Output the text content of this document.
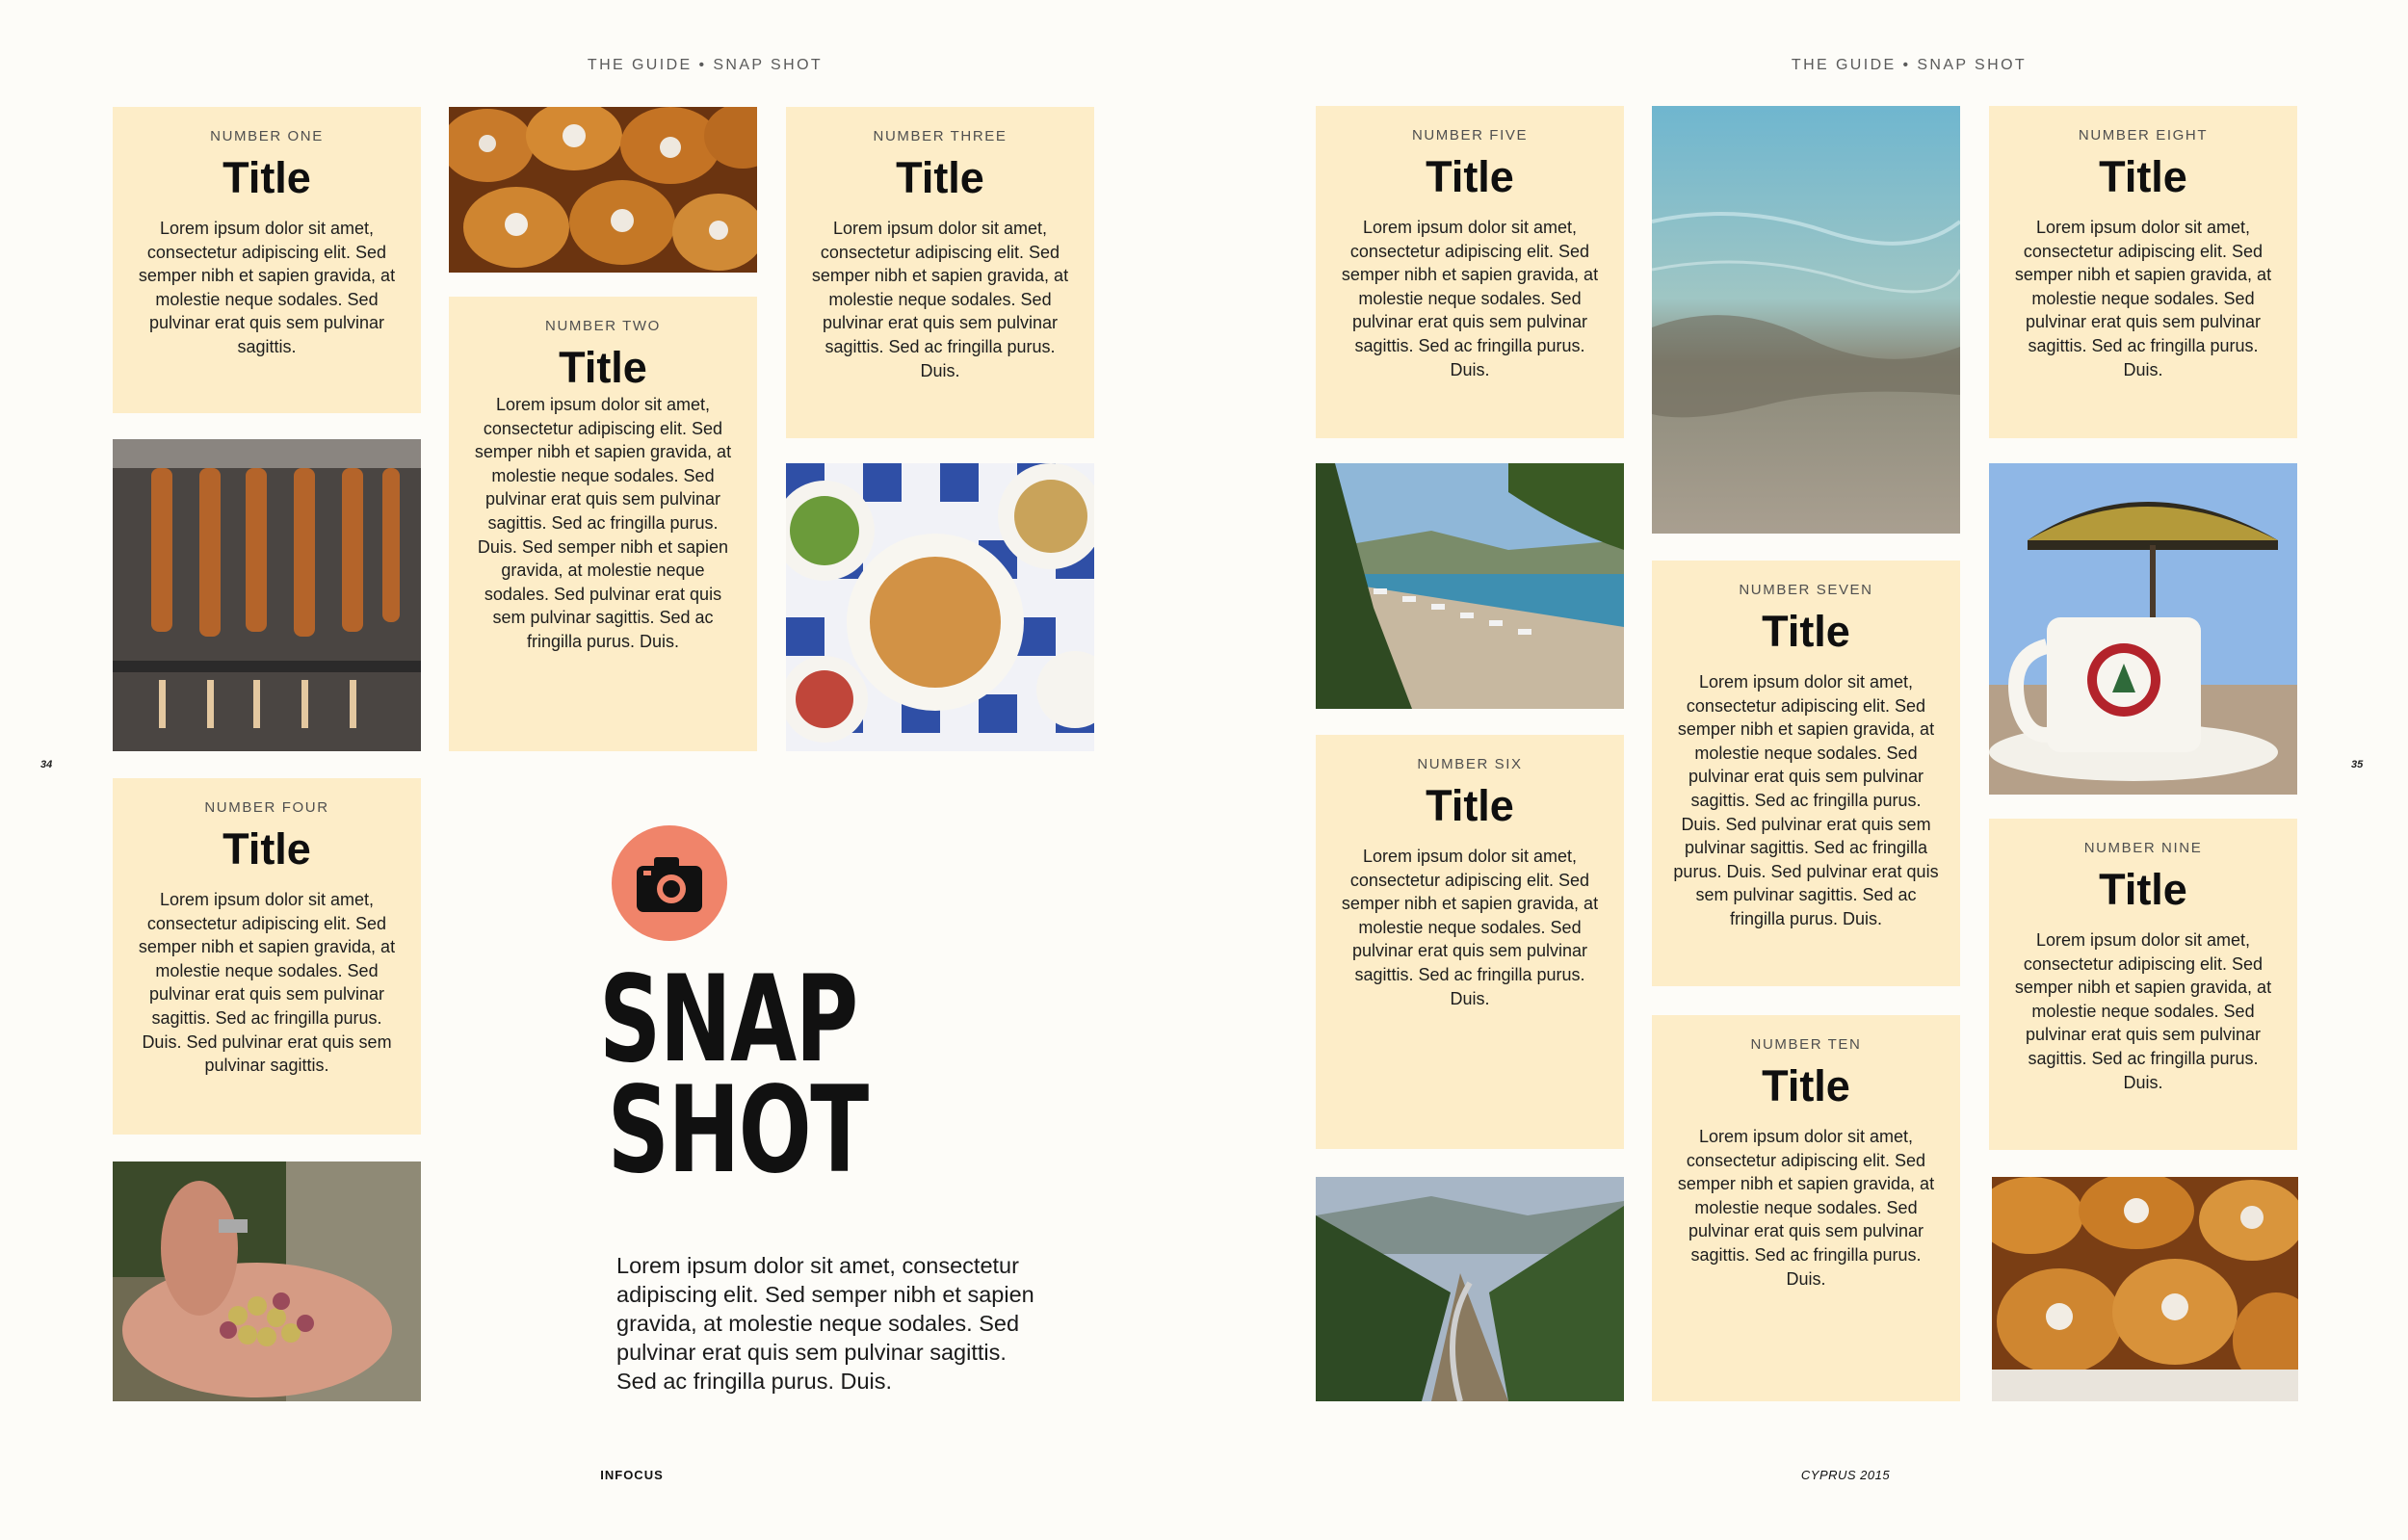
THE GUIDE • SNAP SHOT	THE GUIDE • SNAP SHOT
34	35
INFOCUS	CYPRUS 2015
NUMBER ONE
Title
Lorem ipsum dolor sit amet, consectetur adipiscing elit. Sed semper nibh et sapien gravida, at molestie neque sodales. Sed pulvinar erat quis sem pulvinar sagittis.
NUMBER THREE
Title
Lorem ipsum dolor sit amet, consectetur adipiscing elit. Sed semper nibh et sapien gravida, at molestie neque sodales. Sed pulvinar erat quis sem pulvinar sagittis. Sed ac fringilla purus. Duis.
NUMBER TWO
Title
Lorem ipsum dolor sit amet, consectetur adipiscing elit. Sed semper nibh et sapien gravida, at molestie neque sodales. Sed pulvinar erat quis sem pulvinar sagittis. Sed ac fringilla purus. Duis. Sed semper nibh et sapien gravida, at molestie neque sodales. Sed pulvinar erat quis sem pulvinar sagittis. Sed ac fringilla purus. Duis.
NUMBER FOUR
Title
Lorem ipsum dolor sit amet, consectetur adipiscing elit. Sed semper nibh et sapien gravida, at molestie neque sodales. Sed pulvinar erat quis sem pulvinar sagittis. Sed ac fringilla purus. Duis. Sed pulvinar erat quis sem pulvinar sagittis.	SNAP
SHOT
Lorem ipsum dolor sit amet, consectetur adipiscing elit. Sed semper nibh et sapien gravida, at molestie neque sodales. Sed pulvinar erat quis sem pulvinar sagittis. Sed ac fringilla purus. Duis.
NUMBER FIVE
Title
Lorem ipsum dolor sit amet, consectetur adipiscing elit. Sed semper nibh et sapien gravida, at molestie neque sodales. Sed pulvinar erat quis sem pulvinar sagittis. Sed ac fringilla purus. Duis.
NUMBER EIGHT
Title
Lorem ipsum dolor sit amet, consectetur adipiscing elit. Sed semper nibh et sapien gravida, at molestie neque sodales. Sed pulvinar erat quis sem pulvinar sagittis. Sed ac fringilla purus. Duis.
NUMBER SEVEN
Title
Lorem ipsum dolor sit amet, consectetur adipiscing elit. Sed semper nibh et sapien gravida, at molestie neque sodales. Sed pulvinar erat quis sem pulvinar sagittis. Sed ac fringilla purus. Duis. Sed pulvinar erat quis sem pulvinar sagittis. Sed ac fringilla purus. Duis. Sed pulvinar erat quis sem pulvinar sagittis. Sed ac fringilla purus. Duis.
NUMBER SIX
Title
Lorem ipsum dolor sit amet, consectetur adipiscing elit. Sed semper nibh et sapien gravida, at molestie neque sodales. Sed pulvinar erat quis sem pulvinar sagittis. Sed ac fringilla purus. Duis.
NUMBER NINE
Title
Lorem ipsum dolor sit amet, consectetur adipiscing elit. Sed semper nibh et sapien gravida, at molestie neque sodales. Sed pulvinar erat quis sem pulvinar sagittis. Sed ac fringilla purus. Duis.
NUMBER TEN
Title
Lorem ipsum dolor sit amet, consectetur adipiscing elit. Sed semper nibh et sapien gravida, at molestie neque sodales. Sed pulvinar erat quis sem pulvinar sagittis. Sed ac fringilla purus. Duis.
